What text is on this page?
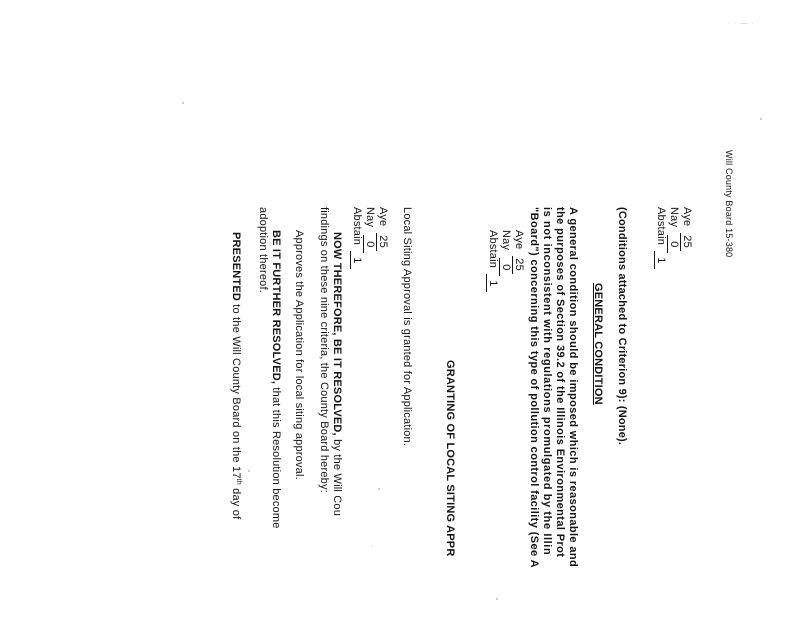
· · — ·
Will County Board 15-380
Aye 25
Nay 0
Abstain 1
(Conditions attached to Criterion 9): (None).
GENERAL CONDITION
A general condition should be imposed which is reasonable and
the purposes of Section 39.2 of the Illinois Environmental Prot
is not inconsistent with regulations promulgated by the Illin
"Board") concerning this type of pollution control facility (See A
Aye 25
Nay 0
Abstain 1
GRANTING OF LOCAL SITING APPR
Local Siting Approval is granted for Application.
Aye 25
Nay 0
Abstain 1
NOW THEREFORE, BE IT RESOLVED, by the Will Cou
findings on these nine criteria, the County Board hereby:
Approves the Application for local siting approval.
BE IT FURTHER RESOLVED, that this Resolution become
adoption thereof.
PRESENTED to the Will County Board on the 17th day of
